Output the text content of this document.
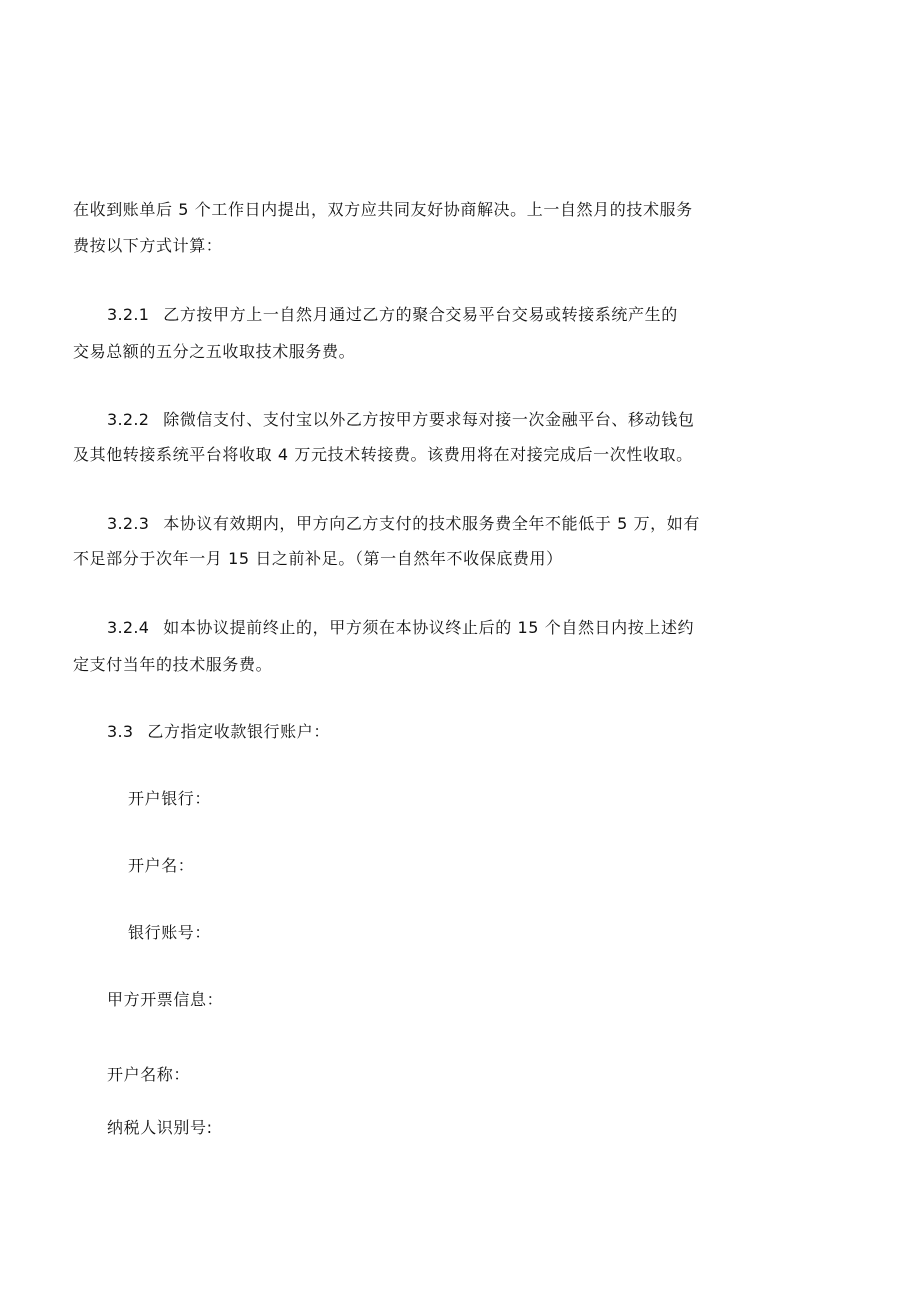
在收到账单后 5 个工作日内提出，双方应共同友好协商解决。上一自然月的技术服务
费按以下方式计算：
3.2.1 乙方按甲方上一自然月通过乙方的聚合交易平台交易或转接系统产生的
交易总额的五分之五收取技术服务费。
3.2.2 除微信支付、支付宝以外乙方按甲方要求每对接一次金融平台、移动钱包
及其他转接系统平台将收取 4 万元技术转接费。该费用将在对接完成后一次性收取。
3.2.3 本协议有效期内，甲方向乙方支付的技术服务费全年不能低于 5 万，如有
不足部分于次年一月 15 日之前补足。（第一自然年不收保底费用）
3.2.4 如本协议提前终止的，甲方须在本协议终止后的 15 个自然日内按上述约
定支付当年的技术服务费。
3.3 乙方指定收款银行账户：
开户银行：
开户名：
银行账号：
甲方开票信息：
开户名称：
纳税人识别号:
